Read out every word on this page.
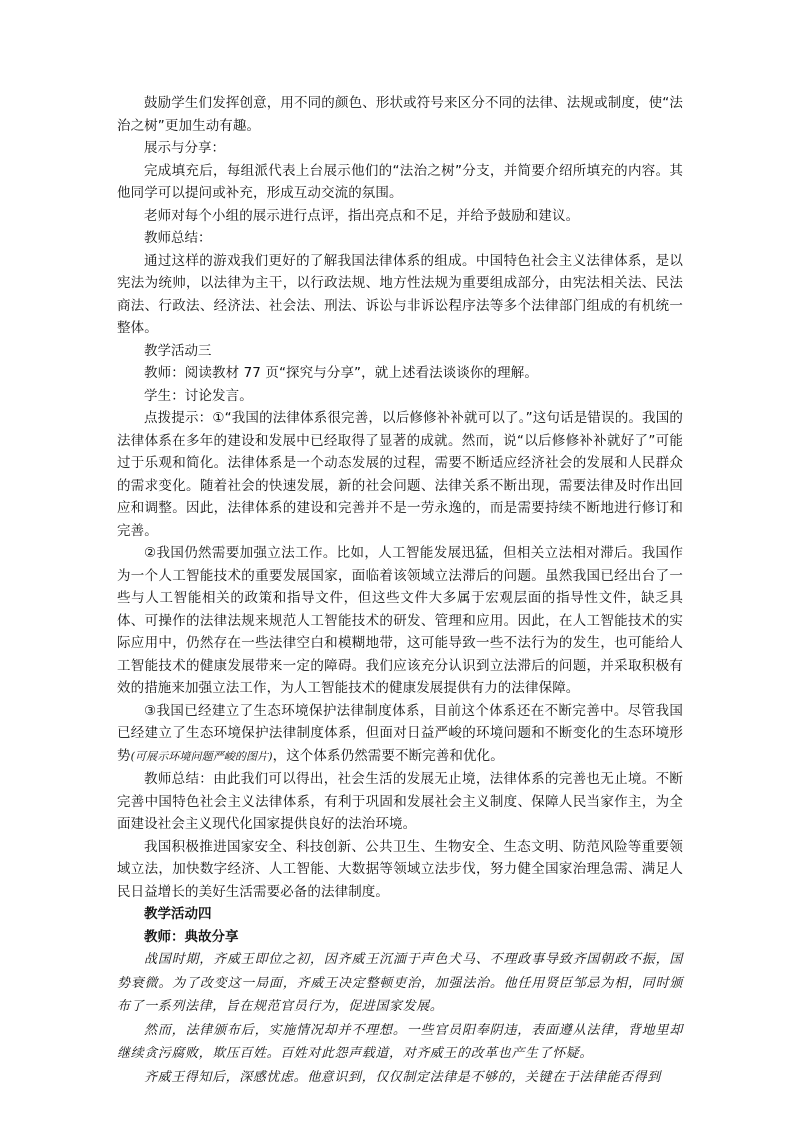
鼓励学生们发挥创意，用不同的颜色、形状或符号来区分不同的法律、法规或制度，使“法治之树”更加生动有趣。

展示与分享：

完成填充后，每组派代表上台展示他们的“法治之树”分支，并简要介绍所填充的内容。其他同学可以提问或补充，形成互动交流的氛围。

老师对每个小组的展示进行点评，指出亮点和不足，并给予鼓励和建议。

教师总结：

通过这样的游戏我们更好的了解我国法律体系的组成。中国特色社会主义法律体系，是以宪法为统帅，以法律为主干，以行政法规、地方性法规为重要组成部分，由宪法相关法、民法商法、行政法、经济法、社会法、刑法、诉讼与非诉讼程序法等多个法律部门组成的有机统一整体。

教学活动三

教师：阅读教材 77 页“探究与分享”，就上述看法谈谈你的理解。

学生：讨论发言。

点拨提示：①“我国的法律体系很完善，以后修修补补就可以了。”这句话是错误的。我国的法律体系在多年的建设和发展中已经取得了显著的成就。然而，说“以后修修补补就好了”可能过于乐观和简化。法律体系是一个动态发展的过程，需要不断适应经济社会的发展和人民群众的需求变化。随着社会的快速发展，新的社会问题、法律关系不断出现，需要法律及时作出回应和调整。因此，法律体系的建设和完善并不是一劳永逸的，而是需要持续不断地进行修订和完善。

②我国仍然需要加强立法工作。比如，人工智能发展迅猛，但相关立法相对滞后。我国作为一个人工智能技术的重要发展国家，面临着该领域立法滞后的问题。虽然我国已经出台了一些与人工智能相关的政策和指导文件，但这些文件大多属于宏观层面的指导性文件，缺乏具体、可操作的法律法规来规范人工智能技术的研发、管理和应用。因此，在人工智能技术的实际应用中，仍然存在一些法律空白和模糊地带，这可能导致一些不法行为的发生，也可能给人工智能技术的健康发展带来一定的障碍。我们应该充分认识到立法滞后的问题，并采取积极有效的措施来加强立法工作，为人工智能技术的健康发展提供有力的法律保障。

③我国已经建立了生态环境保护法律制度体系，目前这个体系还在不断完善中。尽管我国已经建立了生态环境保护法律制度体系，但面对日益严峻的环境问题和不断变化的生态环境形势(可展示环境问题严峻的图片)，这个体系仍然需要不断完善和优化。

教师总结：由此我们可以得出，社会生活的发展无止境，法律体系的完善也无止境。不断完善中国特色社会主义法律体系，有利于巩固和发展社会主义制度、保障人民当家作主，为全面建设社会主义现代化国家提供良好的法治环境。

我国积极推进国家安全、科技创新、公共卫生、生物安全、生态文明、防范风险等重要领域立法，加快数字经济、人工智能、大数据等领域立法步伐，努力健全国家治理急需、满足人民日益增长的美好生活需要必备的法律制度。

教学活动四

教师：典故分享

战国时期，齐威王即位之初，因齐威王沉湎于声色犬马、不理政事导致齐国朝政不振，国势衰微。为了改变这一局面，齐威王决定整顿吏治，加强法治。他任用贤臣邹忌为相，同时颁布了一系列法律，旨在规范官员行为，促进国家发展。

然而，法律颁布后，实施情况却并不理想。一些官员阳奉阴违，表面遵从法律，背地里却继续贪污腐败，欺压百姓。百姓对此怨声载道，对齐威王的改革也产生了怀疑。

齐威王得知后，深感忧虑。他意识到，仅仅制定法律是不够的，关键在于法律能否得到
